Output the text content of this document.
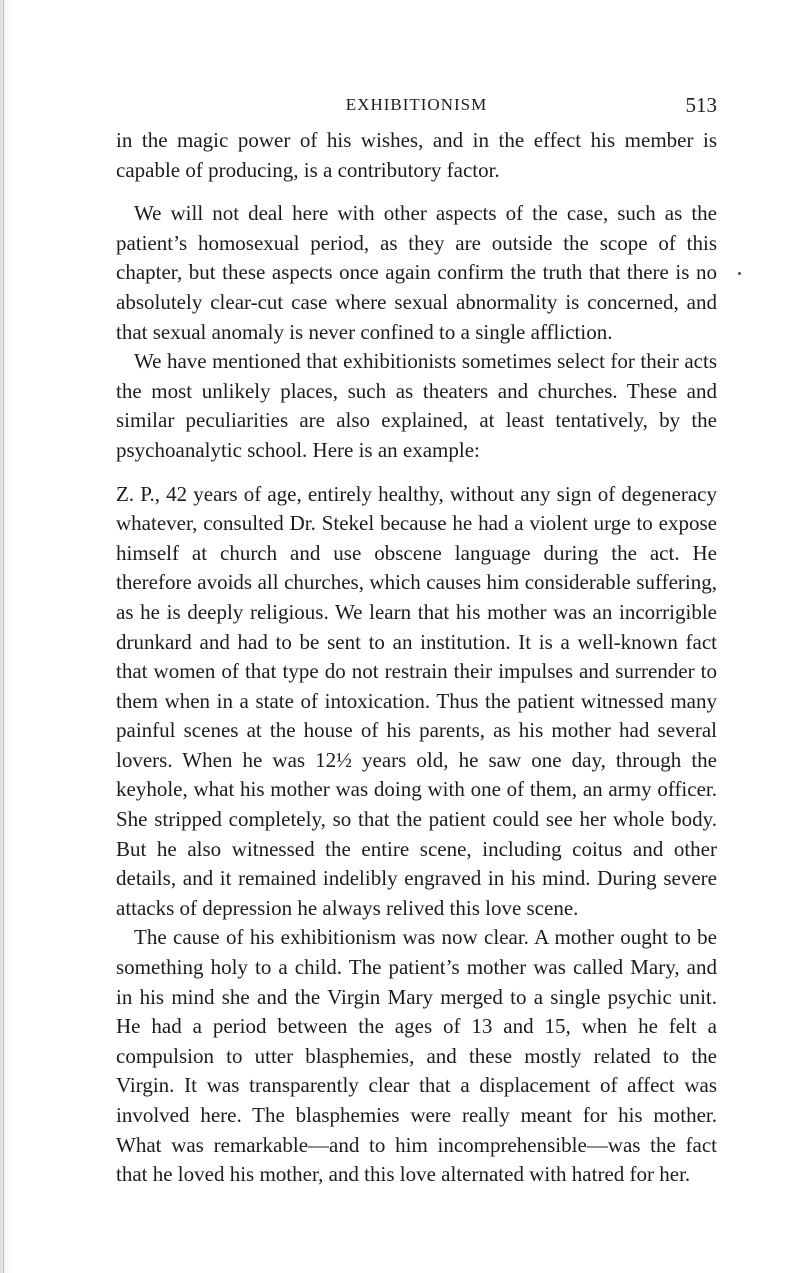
EXHIBITIONISM	513

in the magic power of his wishes, and in the effect his member is capable of producing, is a contributory factor.

We will not deal here with other aspects of the case, such as the patient’s homosexual period, as they are outside the scope of this chapter, but these aspects once again confirm the truth that there is no absolutely clear-cut case where sexual abnormality is concerned, and that sexual anomaly is never confined to a single affliction.

We have mentioned that exhibitionists sometimes select for their acts the most unlikely places, such as theaters and churches. These and similar peculiarities are also explained, at least tentatively, by the psychoanalytic school. Here is an example:

Z. P., 42 years of age, entirely healthy, without any sign of degeneracy whatever, consulted Dr. Stekel because he had a violent urge to expose himself at church and use obscene language during the act. He therefore avoids all churches, which causes him considerable suffering, as he is deeply religious. We learn that his mother was an incorrigible drunkard and had to be sent to an institution. It is a well-known fact that women of that type do not restrain their impulses and surrender to them when in a state of intoxication. Thus the patient witnessed many painful scenes at the house of his parents, as his mother had several lovers. When he was 12½ years old, he saw one day, through the keyhole, what his mother was doing with one of them, an army officer. She stripped completely, so that the patient could see her whole body. But he also witnessed the entire scene, including coitus and other details, and it remained indelibly engraved in his mind. During severe attacks of depression he always relived this love scene.

The cause of his exhibitionism was now clear. A mother ought to be something holy to a child. The patient’s mother was called Mary, and in his mind she and the Virgin Mary merged to a single psychic unit. He had a period between the ages of 13 and 15, when he felt a compulsion to utter blasphemies, and these mostly related to the Virgin. It was transparently clear that a displacement of affect was involved here. The blasphemies were really meant for his mother. What was remarkable—and to him incomprehensible—was the fact that he loved his mother, and this love alternated with hatred for her.
